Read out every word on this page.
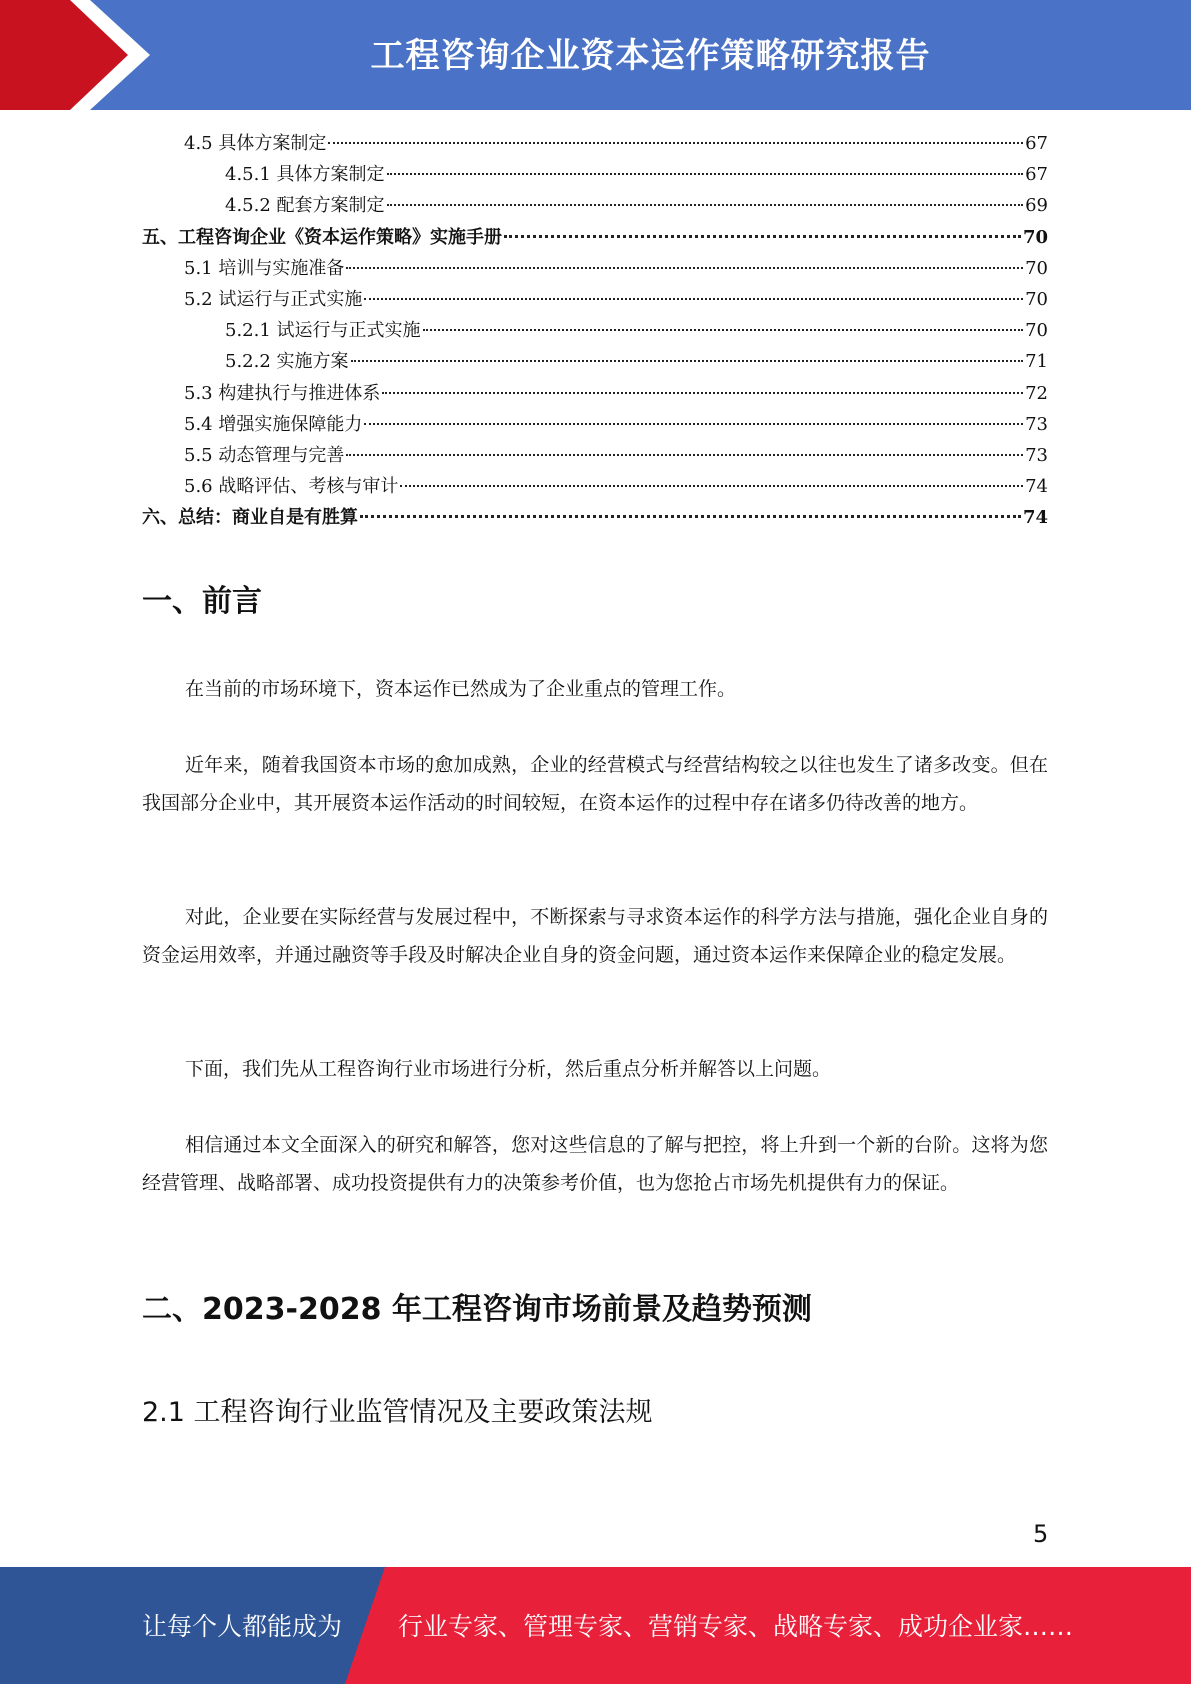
工程咨询企业资本运作策略研究报告
4.5 具体方案制定	67
4.5.1 具体方案制定	67
4.5.2 配套方案制定	69
五、工程咨询企业《资本运作策略》实施手册	70
5.1 培训与实施准备	70
5.2 试运行与正式实施	70
5.2.1 试运行与正式实施	70
5.2.2 实施方案	71
5.3 构建执行与推进体系	72
5.4 增强实施保障能力	73
5.5 动态管理与完善	73
5.6 战略评估、考核与审计	74
六、总结：商业自是有胜算	74
一、前言
在当前的市场环境下，资本运作已然成为了企业重点的管理工作。
近年来，随着我国资本市场的愈加成熟，企业的经营模式与经营结构较之以往也发生了诸多改变。但在我国部分企业中，其开展资本运作活动的时间较短，在资本运作的过程中存在诸多仍待改善的地方。
对此，企业要在实际经营与发展过程中，不断探索与寻求资本运作的科学方法与措施，强化企业自身的资金运用效率，并通过融资等手段及时解决企业自身的资金问题，通过资本运作来保障企业的稳定发展。
下面，我们先从工程咨询行业市场进行分析，然后重点分析并解答以上问题。
相信通过本文全面深入的研究和解答，您对这些信息的了解与把控，将上升到一个新的台阶。这将为您经营管理、战略部署、成功投资提供有力的决策参考价值，也为您抢占市场先机提供有力的保证。
二、2023-2028 年工程咨询市场前景及趋势预测
2.1 工程咨询行业监管情况及主要政策法规
5
让每个人都能成为 行业专家、管理专家、营销专家、战略专家、成功企业家……
